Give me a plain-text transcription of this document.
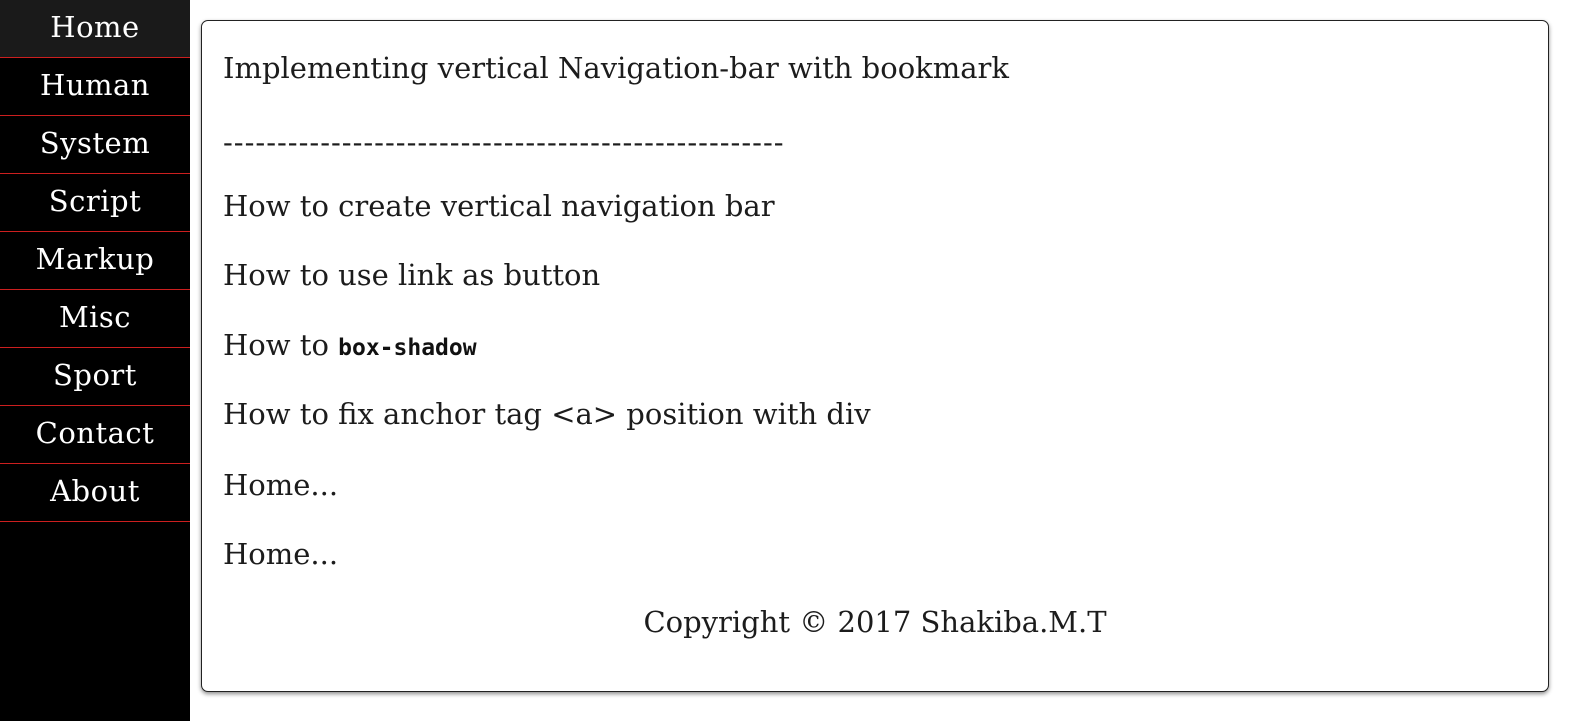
Home
Human
System
Script
Markup
Misc
Sport
Contact
About
Implementing vertical Navigation-bar with bookmark
----------------------------------------------------
How to create vertical navigation bar
How to use link as button
How to box-shadow
How to fix anchor tag <a> position with div
Home...
Home...
Copyright © 2017 Shakiba.M.T
